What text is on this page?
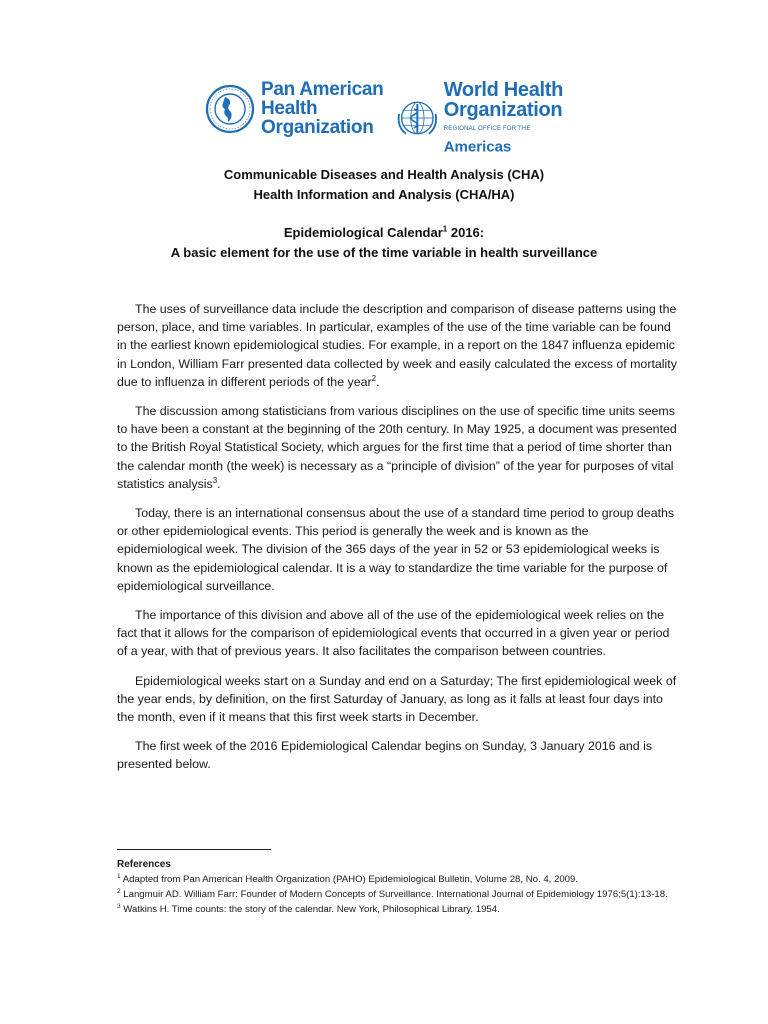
Pan American
Health
Organization
World Health
Organization
REGIONAL OFFICE FOR THEAmericas
Communicable Diseases and Health Analysis (CHA)
Health Information and Analysis (CHA/HA)
Epidemiological Calendar$^1$ 2016:
A basic element for the use of the time variable in health surveillance

The uses of surveillance data include the description and comparison of disease patterns using the person, place, and time variables. In particular, examples of the use of the time variable can be found in the earliest known epidemiological studies. For example, in a report on the 1847 influenza epidemic in London, William Farr presented data collected by week and easily calculated the excess of mortality due to influenza in different periods of the year$^2$.

The discussion among statisticians from various disciplines on the use of specific time units seems to have been a constant at the beginning of the 20th century. In May 1925, a document was presented to the British Royal Statistical Society, which argues for the first time that a period of time shorter than the calendar month (the week) is necessary as a “principle of division” of the year for purposes of vital statistics analysis$^3$.

Today, there is an international consensus about the use of a standard time period to group deaths or other epidemiological events. This period is generally the week and is known as the epidemiological week. The division of the 365 days of the year in 52 or 53 epidemiological weeks is known as the epidemiological calendar. It is a way to standardize the time variable for the purpose of epidemiological surveillance.

The importance of this division and above all of the use of the epidemiological week relies on the fact that it allows for the comparison of epidemiological events that occurred in a given year or period of a year, with that of previous years. It also facilitates the comparison between countries.

Epidemiological weeks start on a Sunday and end on a Saturday; The first epidemiological week of the year ends, by definition, on the first Saturday of January, as long as it falls at least four days into the month, even if it means that this first week starts in December.

The first week of the 2016 Epidemiological Calendar begins on Sunday, 3 January 2016 and is presented below.

References
$^1$ Adapted from Pan American Health Organization (PAHO) Epidemiological Bulletin, Volume 28, No. 4, 2009.
$^2$ Langmuir AD. William Farr: Founder of Modern Concepts of Surveillance. International Journal of Epidemiology 1976;5(1):13-18.
$^3$ Watkins H. Time counts: the story of the calendar. New York, Philosophical Library. 1954.
